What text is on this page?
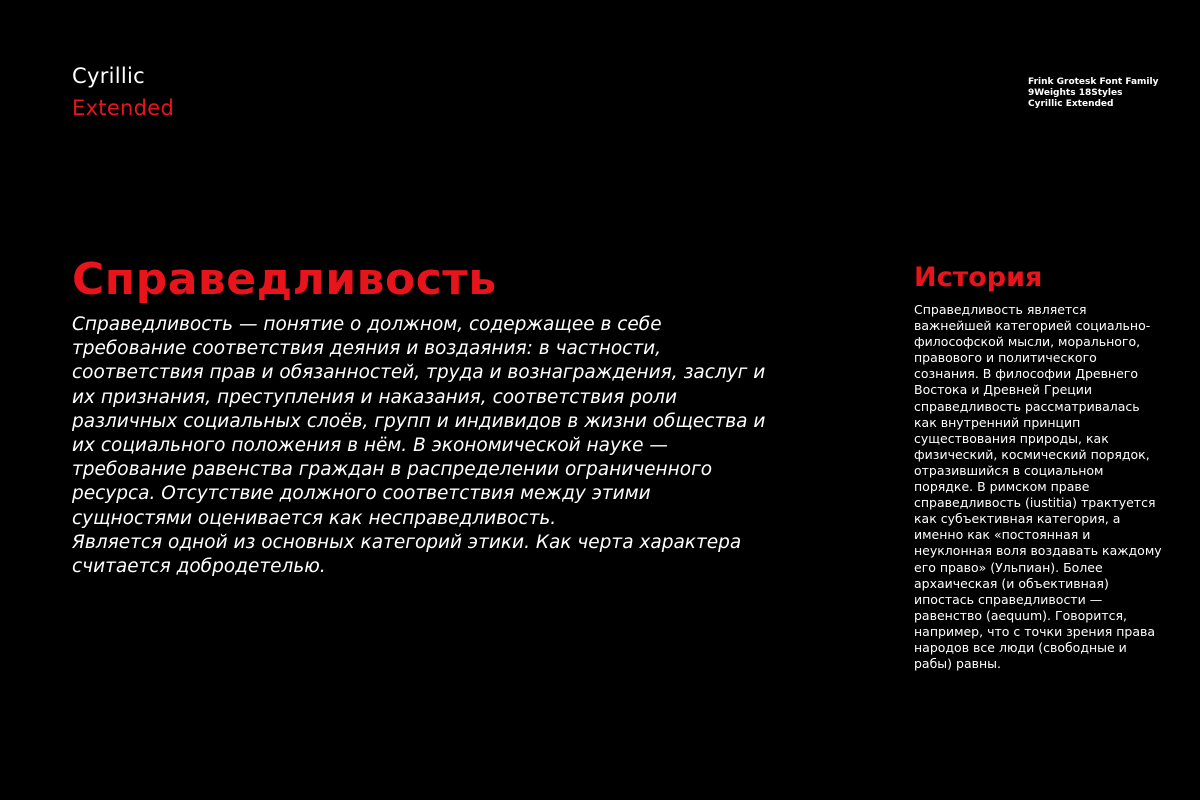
Cyrillic
Extended
Frink Grotesk Font Family
9Weights 18Styles
Cyrillic Extended
Справедливость

Справедливость — понятие о должном, содержащее в себе требование соответствия деяния и воздаяния: в частности, соответствия прав и обязанностей, труда и вознаграждения, заслуг и их признания, преступления и наказания, соответствия роли различных социальных слоёв, групп и индивидов в жизни общества и их социального положения в нём. В экономической науке — требование равенства граждан в распределении ограниченного ресурса. Отсутствие должного соответствия между этими сущностями оценивается как несправедливость.

Является одной из основных категорий этики. Как черта характера считается добродетелью.

История

Справедливость является важнейшей категорией социально-философской мысли, морального, правового и политического сознания. В философии Древнего Востока и Древней Греции справедливость рассматривалась как внутренний принцип существования природы, как физический, космический порядок, отразившийся в социальном порядке. В римском праве справедливость (iustitia) трактуется как субъективная категория, а именно как «постоянная и неуклонная воля воздавать каждому его право» (Ульпиан). Более архаическая (и объективная) ипостась справедливости — равенство (aequum). Говорится, например, что с точки зрения права народов все люди (свободные и рабы) равны.
